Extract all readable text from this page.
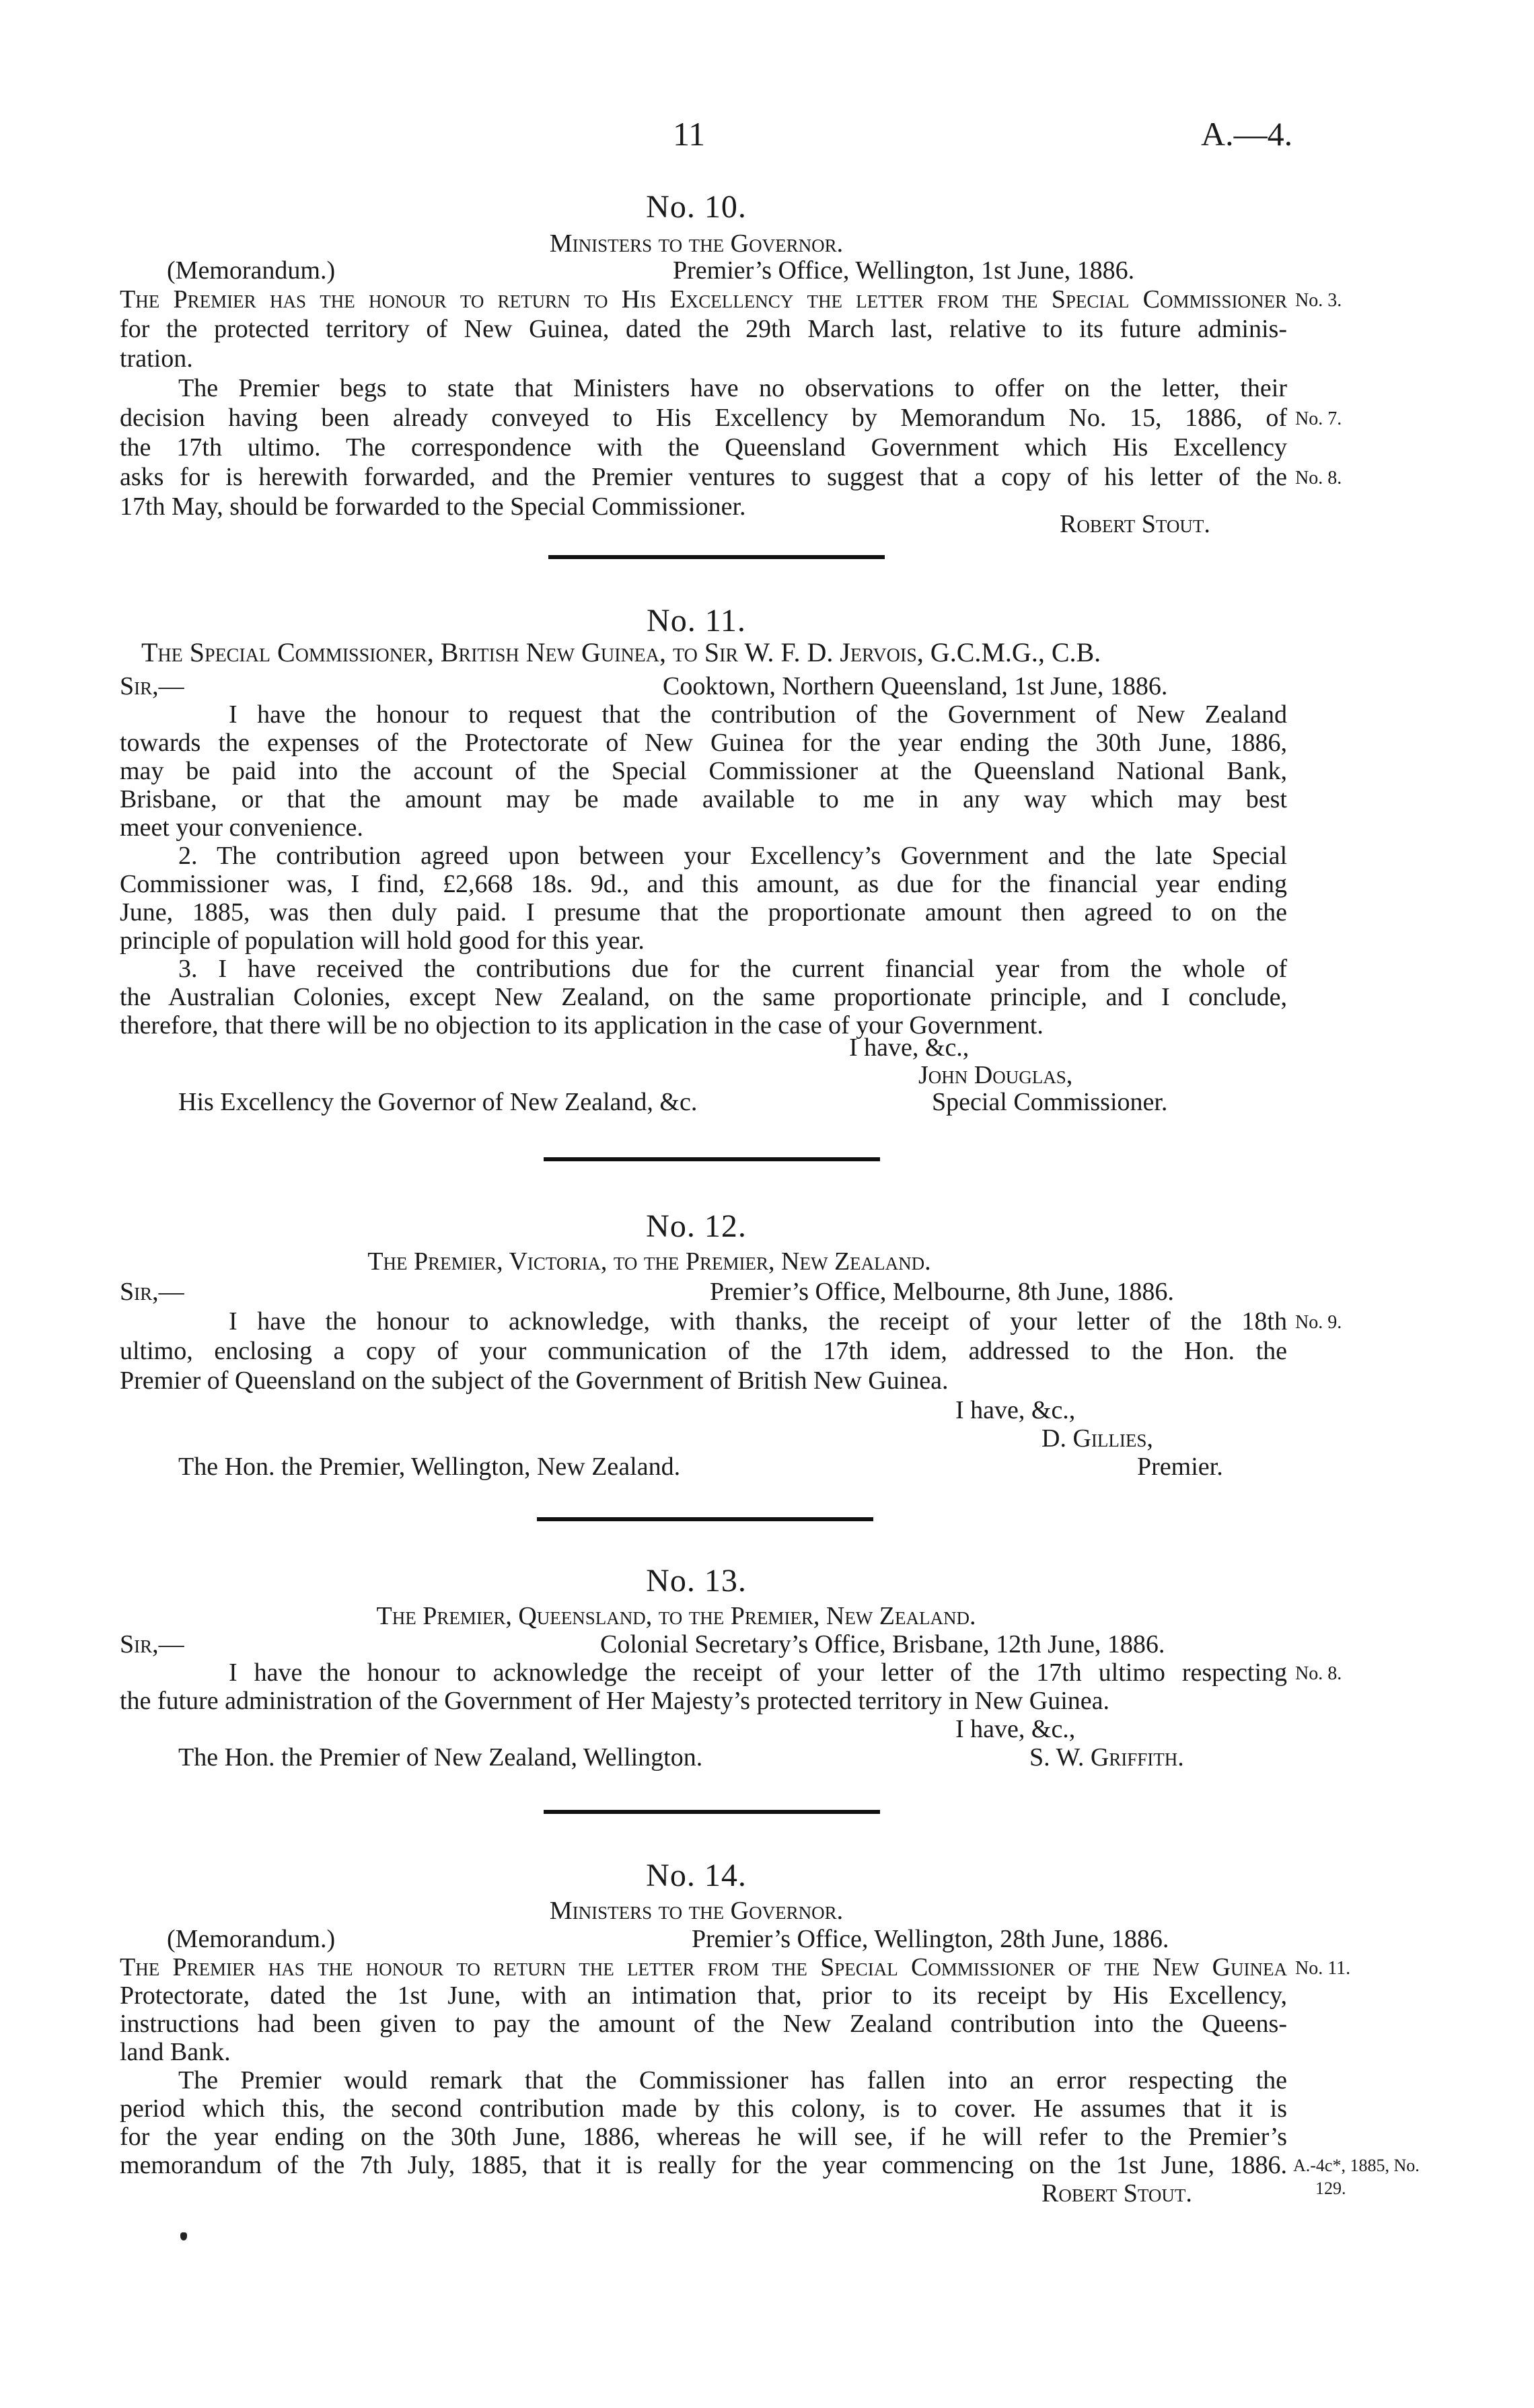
11	A.—4.
No. 10.
Ministers to the Governor.
(Memorandum.)	Premier’s Office, Wellington, 1st June, 1886.
The Premier has the honour to return to His Excellency the letter from the Special Commissioner
for the protected territory of New Guinea, dated the 29th March last, relative to its future adminis-
tration.
The Premier begs to state that Ministers have no observations to offer on the letter, their
decision having been already conveyed to His Excellency by Memorandum No. 15, 1886, of
the 17th ultimo. The correspondence with the Queensland Government which His Excellency
asks for is herewith forwarded, and the Premier ventures to suggest that a copy of his letter of the
17th May, should be forwarded to the Special Commissioner.
Robert Stout.
No. 3.
No. 7.
No. 8.
No. 11.
The Special Commissioner, British New Guinea, to Sir W. F. D. Jervois, G.C.M.G., C.B.
Sir,—	Cooktown, Northern Queensland, 1st June, 1886.
I have the honour to request that the contribution of the Government of New Zealand
towards the expenses of the Protectorate of New Guinea for the year ending the 30th June, 1886,
may be paid into the account of the Special Commissioner at the Queensland National Bank,
Brisbane, or that the amount may be made available to me in any way which may best
meet your convenience.
2. The contribution agreed upon between your Excellency’s Government and the late Special
Commissioner was, I find, £2,668 18s. 9d., and this amount, as due for the financial year ending
June, 1885, was then duly paid. I presume that the proportionate amount then agreed to on the
principle of population will hold good for this year.
3. I have received the contributions due for the current financial year from the whole of
the Australian Colonies, except New Zealand, on the same proportionate principle, and I conclude,
therefore, that there will be no objection to its application in the case of your Government.
I have, &c.,
John Douglas,
His Excellency the Governor of New Zealand, &c.	Special Commissioner.
No. 12.
The Premier, Victoria, to the Premier, New Zealand.
Sir,—	Premier’s Office, Melbourne, 8th June, 1886.
I have the honour to acknowledge, with thanks, the receipt of your letter of the 18th
ultimo, enclosing a copy of your communication of the 17th idem, addressed to the Hon. the
Premier of Queensland on the subject of the Government of British New Guinea.
I have, &c.,
D. Gillies,
The Hon. the Premier, Wellington, New Zealand.	Premier.
No. 9.
No. 13.
The Premier, Queensland, to the Premier, New Zealand.
Sir,—	Colonial Secretary’s Office, Brisbane, 12th June, 1886.
I have the honour to acknowledge the receipt of your letter of the 17th ultimo respecting
the future administration of the Government of Her Majesty’s protected territory in New Guinea.
I have, &c.,
The Hon. the Premier of New Zealand, Wellington.	S. W. Griffith.
No. 8.
No. 14.
Ministers to the Governor.
(Memorandum.)	Premier’s Office, Wellington, 28th June, 1886.
The Premier has the honour to return the letter from the Special Commissioner of the New Guinea
Protectorate, dated the 1st June, with an intimation that, prior to its receipt by His Excellency,
instructions had been given to pay the amount of the New Zealand contribution into the Queens-
land Bank.
The Premier would remark that the Commissioner has fallen into an error respecting the
period which this, the second contribution made by this colony, is to cover. He assumes that it is
for the year ending on the 30th June, 1886, whereas he will see, if he will refer to the Premier’s
memorandum of the 7th July, 1885, that it is really for the year commencing on the 1st June, 1886.
Robert Stout.
No. 11.
A.-4c*, 1885, No.
129.
